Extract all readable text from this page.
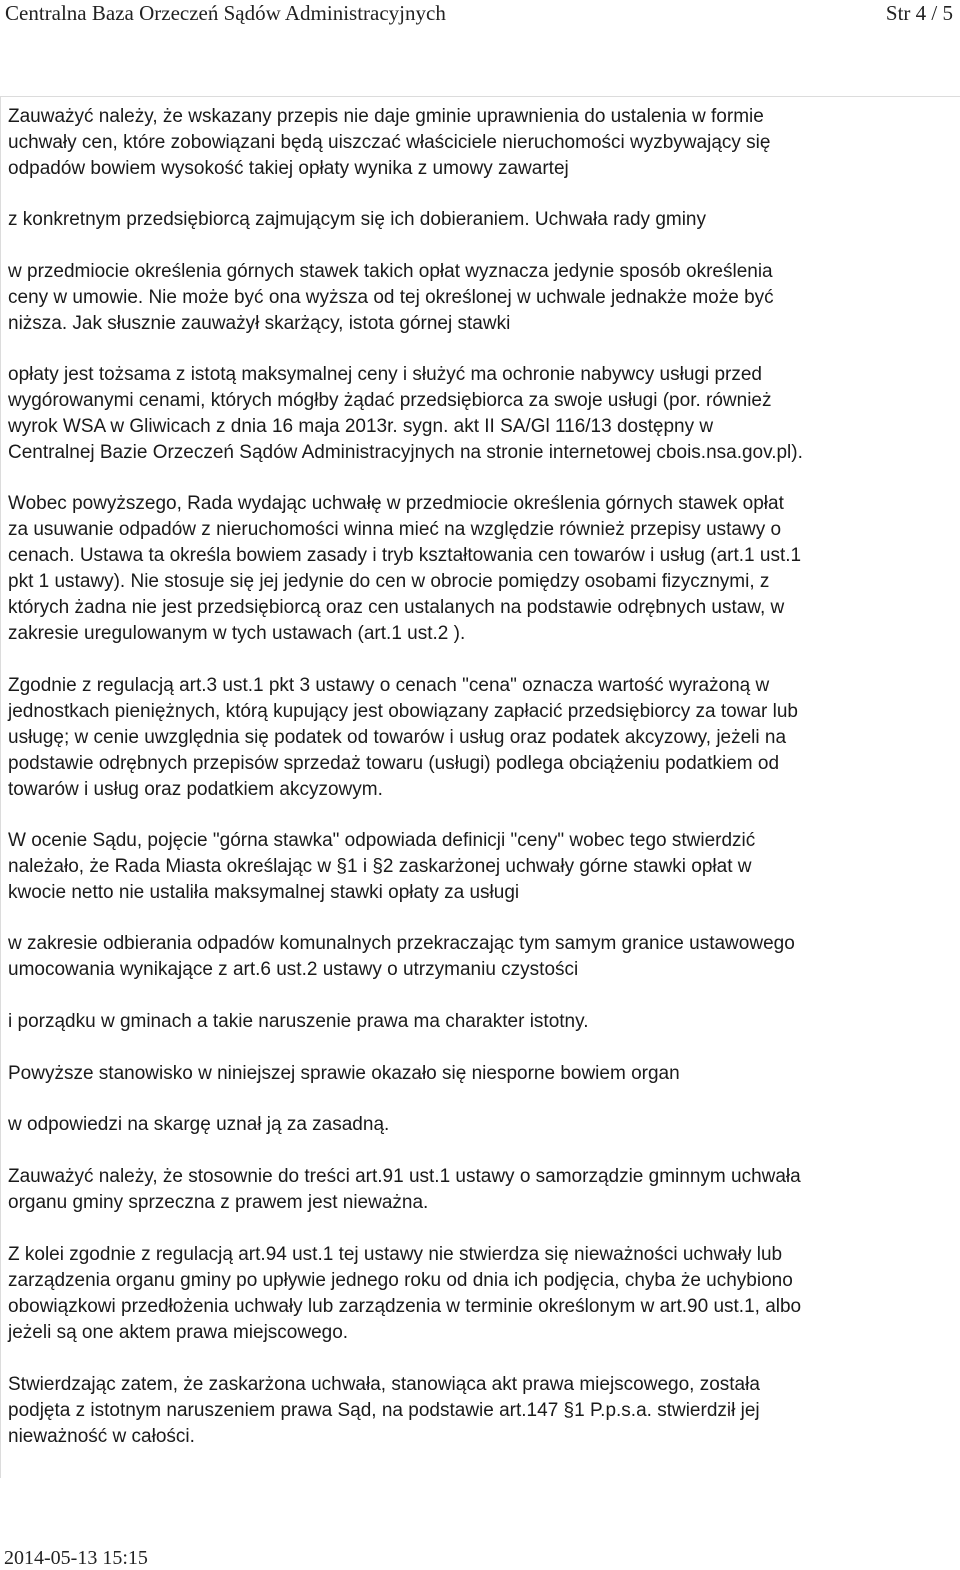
Centralna Baza Orzeczeń Sądów Administracyjnych	Str 4 / 5
Zauważyć należy, że wskazany przepis nie daje gminie uprawnienia do ustalenia w formie
uchwały cen, które zobowiązani będą uiszczać właściciele nieruchomości wyzbywający się
odpadów bowiem wysokość takiej opłaty wynika z umowy zawartej
z konkretnym przedsiębiorcą zajmującym się ich dobieraniem. Uchwała rady gminy
w przedmiocie określenia górnych stawek takich opłat wyznacza jedynie sposób określenia
ceny w umowie. Nie może być ona wyższa od tej określonej w uchwale jednakże może być
niższa. Jak słusznie zauważył skarżący, istota górnej stawki
opłaty jest tożsama z istotą maksymalnej ceny i służyć ma ochronie nabywcy usługi przed
wygórowanymi cenami, których mógłby żądać przedsiębiorca za swoje usługi (por. również
wyrok WSA w Gliwicach z dnia 16 maja 2013r. sygn. akt II SA/Gl 116/13 dostępny w
Centralnej Bazie Orzeczeń Sądów Administracyjnych na stronie internetowej cbois.nsa.gov.pl).
Wobec powyższego, Rada wydając uchwałę w przedmiocie określenia górnych stawek opłat
za usuwanie odpadów z nieruchomości winna mieć na względzie również przepisy ustawy o
cenach. Ustawa ta określa bowiem zasady i tryb kształtowania cen towarów i usług (art.1 ust.1
pkt 1 ustawy). Nie stosuje się jej jedynie do cen w obrocie pomiędzy osobami fizycznymi, z
których żadna nie jest przedsiębiorcą oraz cen ustalanych na podstawie odrębnych ustaw, w
zakresie uregulowanym w tych ustawach (art.1 ust.2 ).
Zgodnie z regulacją art.3 ust.1 pkt 3 ustawy o cenach "cena" oznacza wartość wyrażoną w
jednostkach pieniężnych, którą kupujący jest obowiązany zapłacić przedsiębiorcy za towar lub
usługę; w cenie uwzględnia się podatek od towarów i usług oraz podatek akcyzowy, jeżeli na
podstawie odrębnych przepisów sprzedaż towaru (usługi) podlega obciążeniu podatkiem od
towarów i usług oraz podatkiem akcyzowym.
W ocenie Sądu, pojęcie "górna stawka" odpowiada definicji "ceny" wobec tego stwierdzić
należało, że Rada Miasta określając w §1 i §2 zaskarżonej uchwały górne stawki opłat w
kwocie netto nie ustaliła maksymalnej stawki opłaty za usługi
w zakresie odbierania odpadów komunalnych przekraczając tym samym granice ustawowego
umocowania wynikające z art.6 ust.2 ustawy o utrzymaniu czystości
i porządku w gminach a takie naruszenie prawa ma charakter istotny.
Powyższe stanowisko w niniejszej sprawie okazało się niesporne bowiem organ
w odpowiedzi na skargę uznał ją za zasadną.
Zauważyć należy, że stosownie do treści art.91 ust.1 ustawy o samorządzie gminnym uchwała
organu gminy sprzeczna z prawem jest nieważna.
Z kolei zgodnie z regulacją art.94 ust.1 tej ustawy nie stwierdza się nieważności uchwały lub
zarządzenia organu gminy po upływie jednego roku od dnia ich podjęcia, chyba że uchybiono
obowiązkowi przedłożenia uchwały lub zarządzenia w terminie określonym w art.90 ust.1, albo
jeżeli są one aktem prawa miejscowego.
Stwierdzając zatem, że zaskarżona uchwała, stanowiąca akt prawa miejscowego, została
podjęta z istotnym naruszeniem prawa Sąd, na podstawie art.147 §1 P.p.s.a. stwierdził jej
nieważność w całości.
2014-05-13 15:15
